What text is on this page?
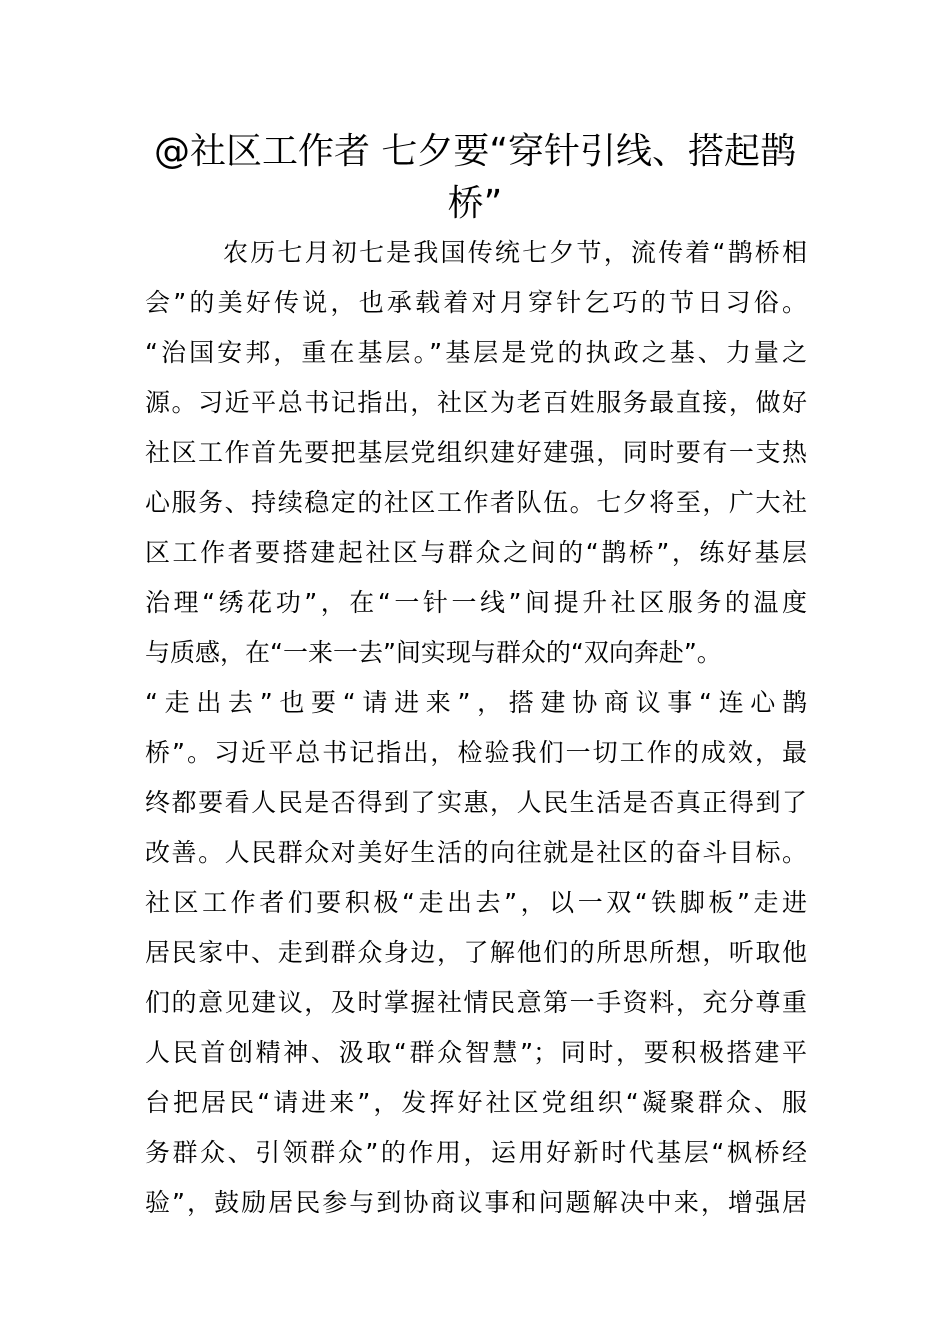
@社区工作者 七夕要“穿针引线、搭起鹊
桥”
农历七月初七是我国传统七夕节，流传着“鹊桥相
会”的美好传说，也承载着对月穿针乞巧的节日习俗。
“治国安邦，重在基层。”基层是党的执政之基、力量之
源。习近平总书记指出，社区为老百姓服务最直接，做好
社区工作首先要把基层党组织建好建强，同时要有一支热
心服务、持续稳定的社区工作者队伍。七夕将至，广大社
区工作者要搭建起社区与群众之间的“鹊桥”，练好基层
治理“绣花功”，在“一针一线”间提升社区服务的温度
与质感，在“一来一去”间实现与群众的“双向奔赴”。
“走出去”也要“请进来”，搭建协商议事“连心鹊
桥”。习近平总书记指出，检验我们一切工作的成效，最
终都要看人民是否得到了实惠，人民生活是否真正得到了
改善。人民群众对美好生活的向往就是社区的奋斗目标。
社区工作者们要积极“走出去”，以一双“铁脚板”走进
居民家中、走到群众身边，了解他们的所思所想，听取他
们的意见建议，及时掌握社情民意第一手资料，充分尊重
人民首创精神、汲取“群众智慧”；同时，要积极搭建平
台把居民“请进来”，发挥好社区党组织“凝聚群众、服
务群众、引领群众”的作用，运用好新时代基层“枫桥经
验”，鼓励居民参与到协商议事和问题解决中来，增强居
